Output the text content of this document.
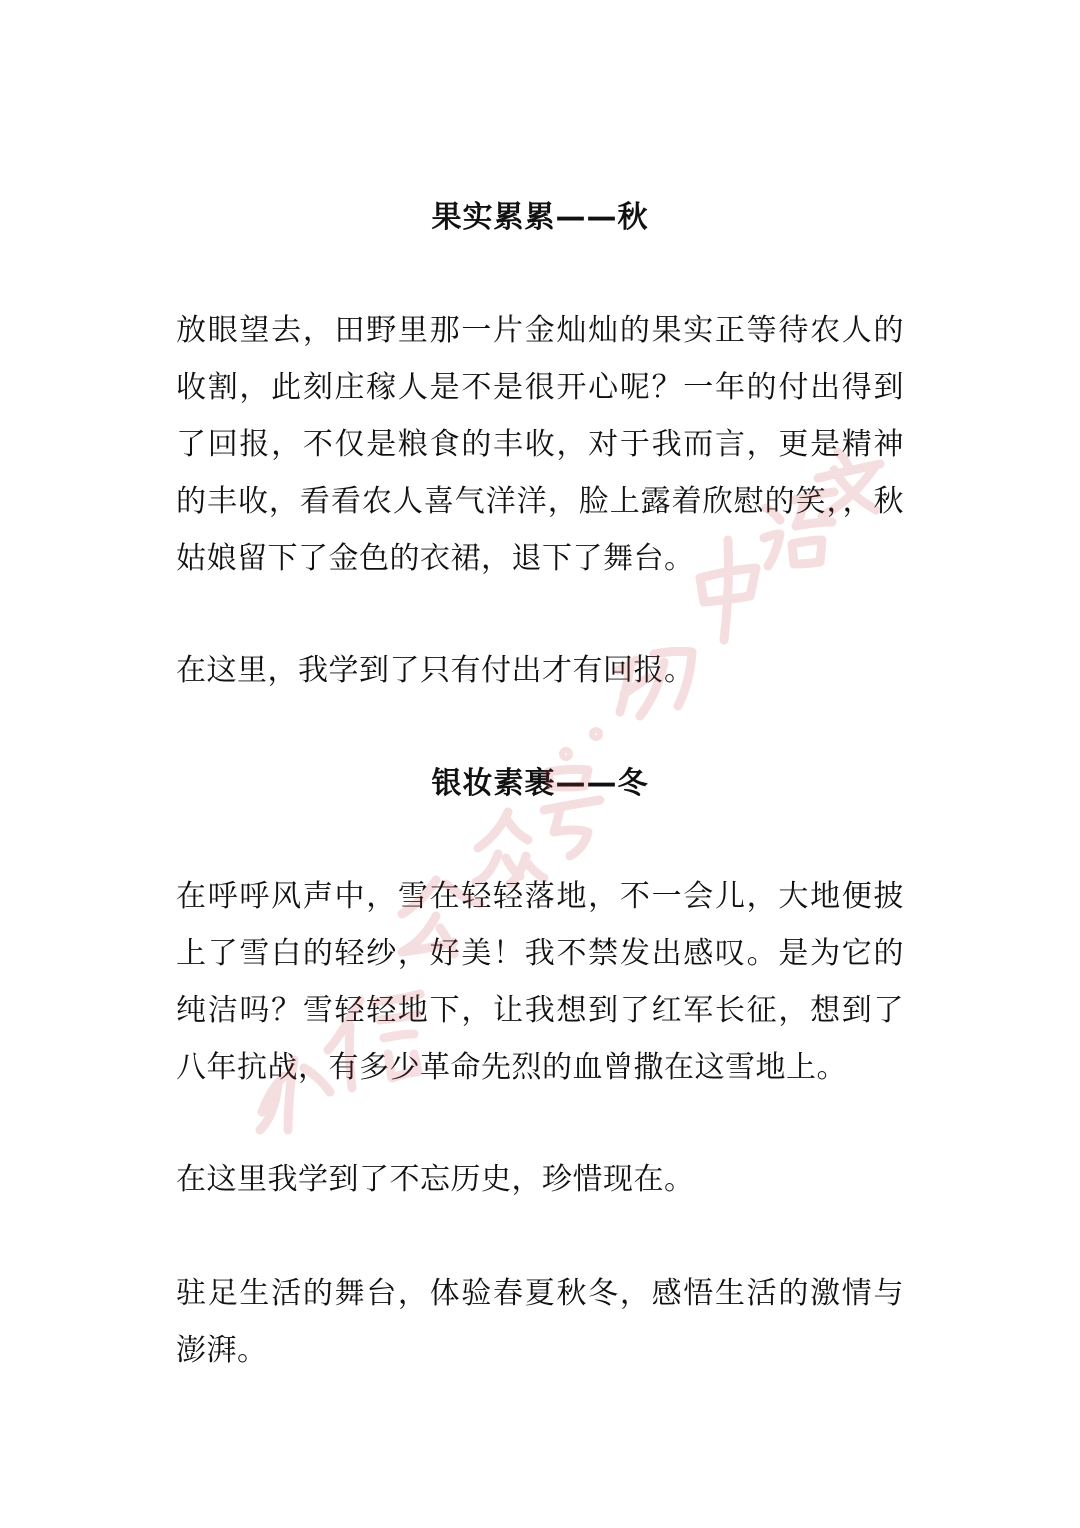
果实累累——秋

放眼望去，田野里那一片金灿灿的果实正等待农人的收割，此刻庄稼人是不是很开心呢？一年的付出得到了回报，不仅是粮食的丰收，对于我而言，更是精神的丰收，看看农人喜气洋洋，脸上露着欣慰的笑，，秋姑娘留下了金色的衣裙，退下了舞台。

在这里，我学到了只有付出才有回报。

银妆素裹——冬

在呼呼风声中，雪在轻轻落地，不一会儿，大地便披上了雪白的轻纱，好美！我不禁发出感叹。是为它的纯洁吗？雪轻轻地下，让我想到了红军长征，想到了八年抗战，有多少革命先烈的血曾撒在这雪地上。

在这里我学到了不忘历史，珍惜现在。

驻足生活的舞台，体验春夏秋冬，感悟生活的激情与澎湃。
